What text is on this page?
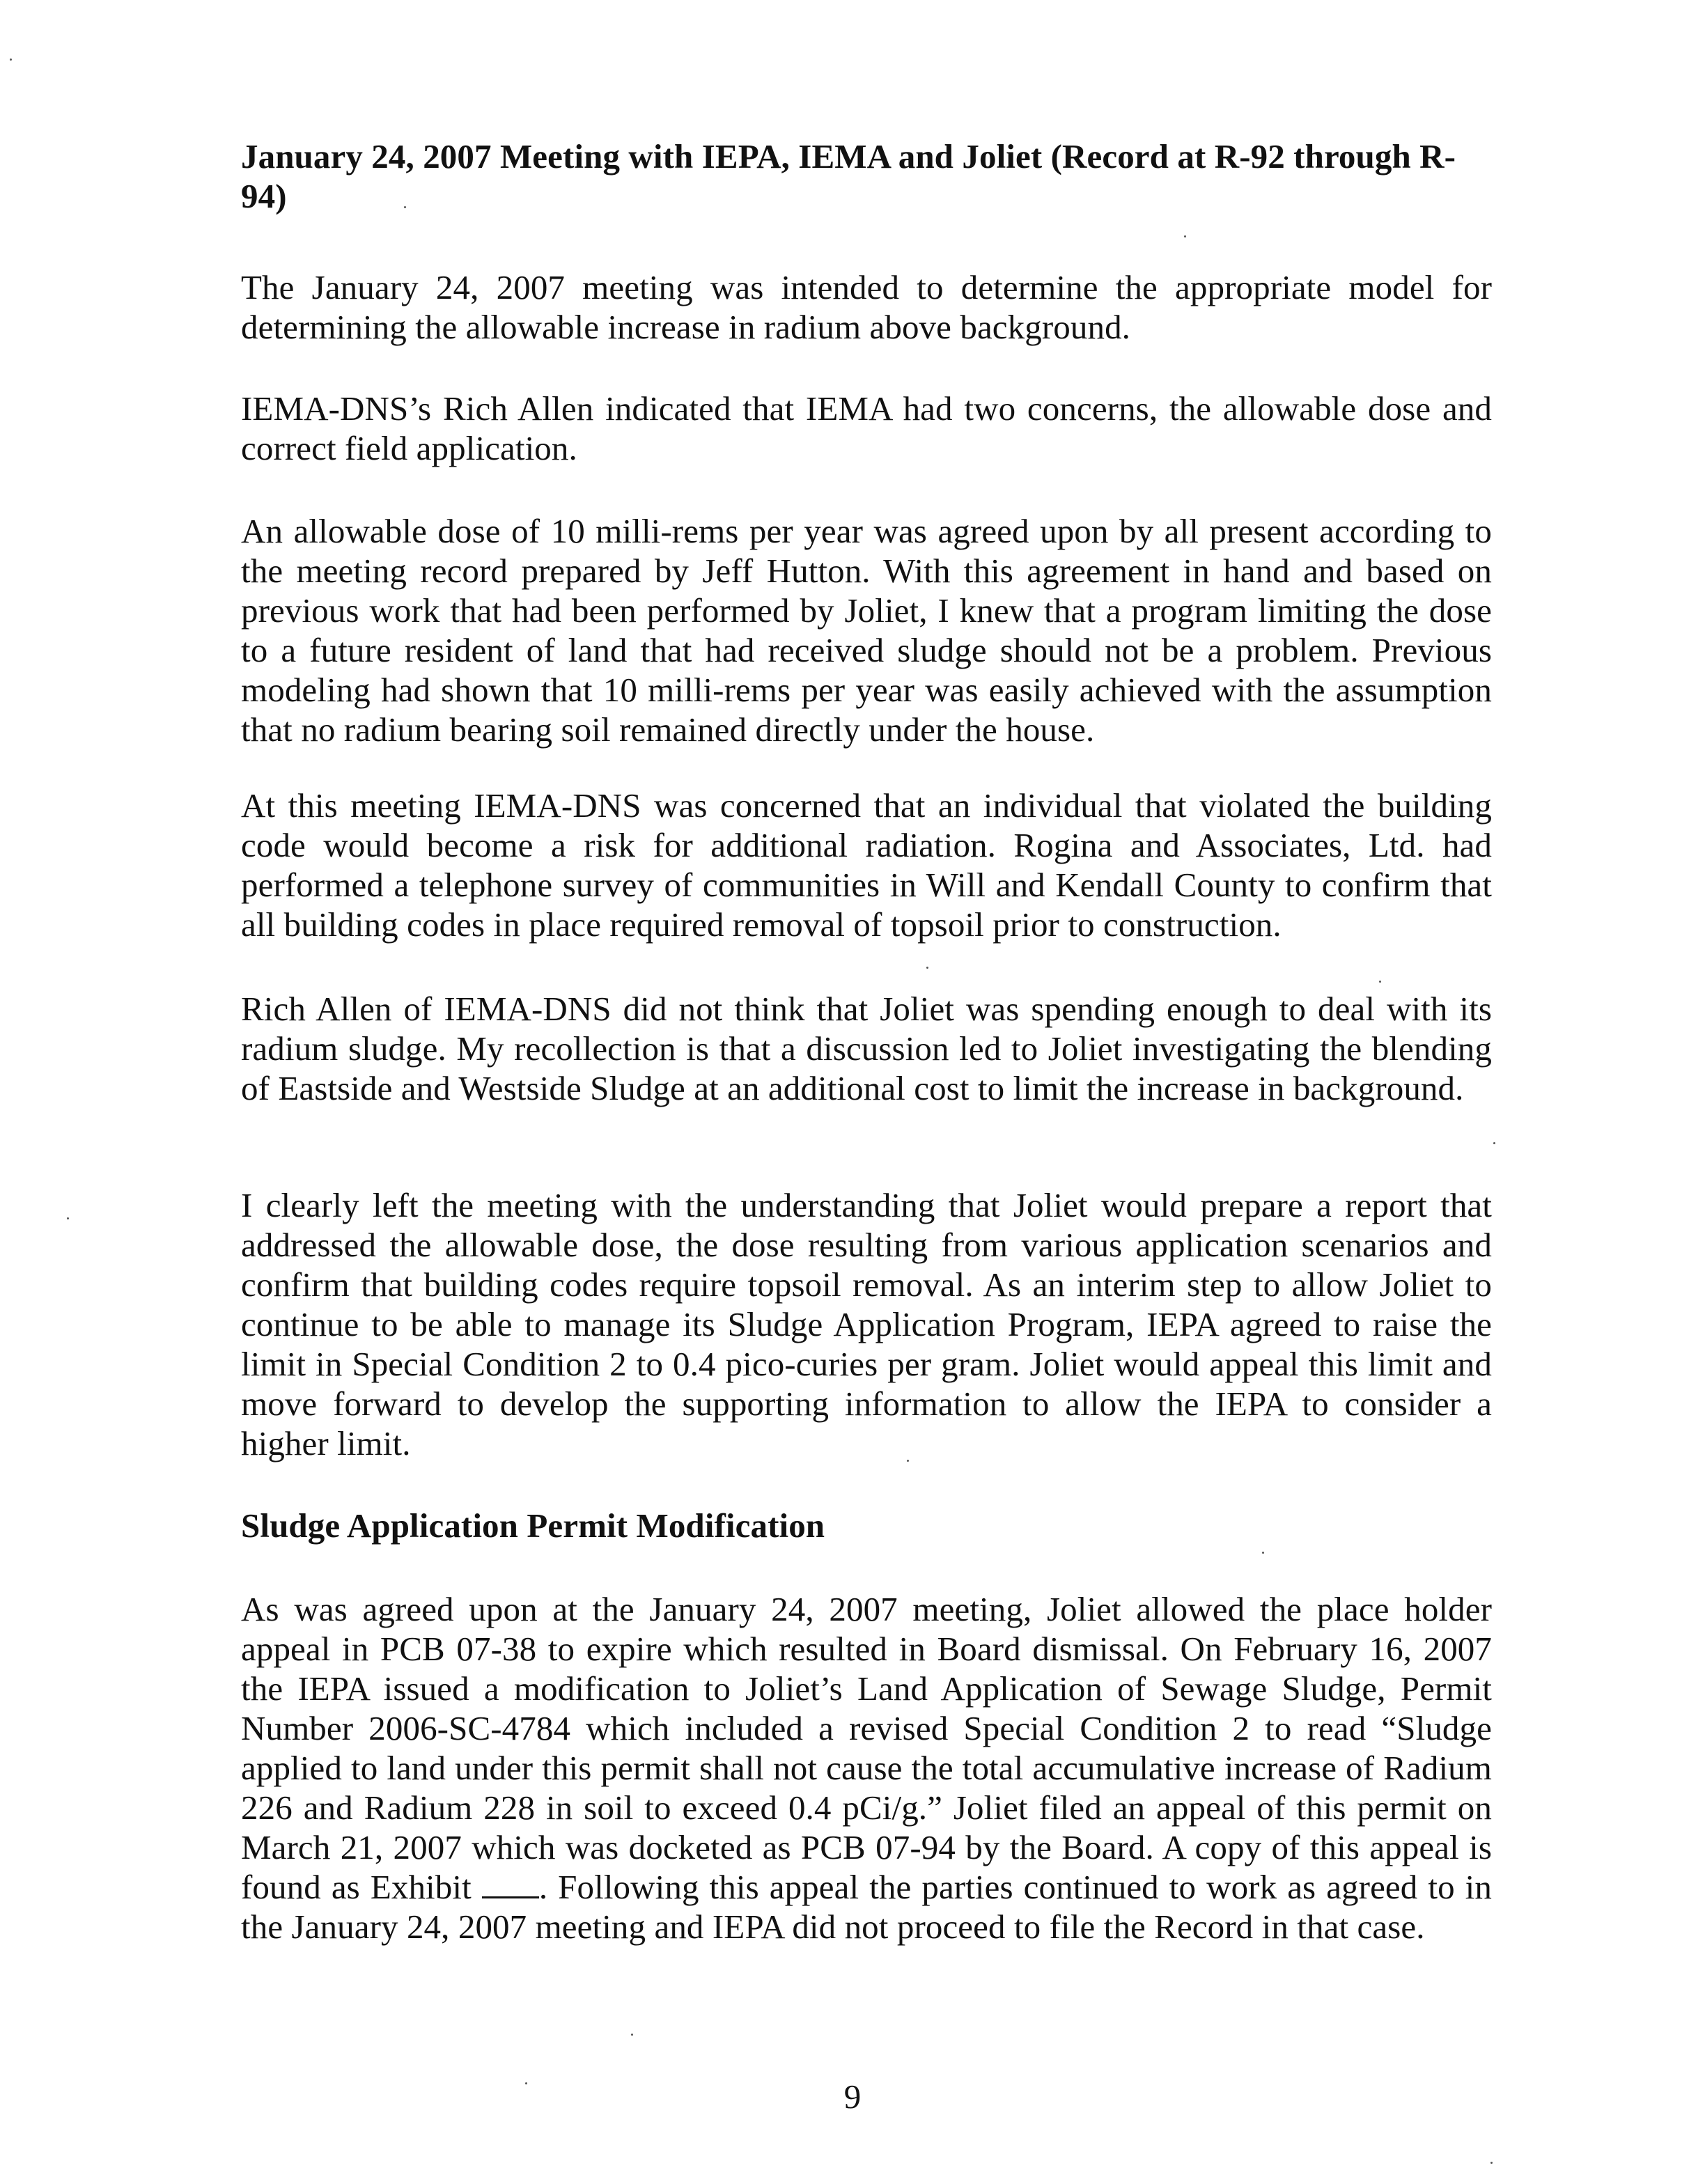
January 24, 2007 Meeting with IEPA, IEMA and Joliet (Record at R-92 through R-94)

The January 24, 2007 meeting was intended to determine the appropriate model for determining the allowable increase in radium above background.

IEMA-DNS’s Rich Allen indicated that IEMA had two concerns, the allowable dose and correct field application.

An allowable dose of 10 milli-rems per year was agreed upon by all present according to the meeting record prepared by Jeff Hutton. With this agreement in hand and based on previous work that had been performed by Joliet, I knew that a program limiting the dose to a future resident of land that had received sludge should not be a problem. Previous modeling had shown that 10 milli-rems per year was easily achieved with the assumption that no radium bearing soil remained directly under the house.

At this meeting IEMA-DNS was concerned that an individual that violated the building code would become a risk for additional radiation. Rogina and Associates, Ltd. had performed a telephone survey of communities in Will and Kendall County to confirm that all building codes in place required removal of topsoil prior to construction.

Rich Allen of IEMA-DNS did not think that Joliet was spending enough to deal with its radium sludge. My recollection is that a discussion led to Joliet investigating the blending of Eastside and Westside Sludge at an additional cost to limit the increase in background.

I clearly left the meeting with the understanding that Joliet would prepare a report that addressed the allowable dose, the dose resulting from various application scenarios and confirm that building codes require topsoil removal. As an interim step to allow Joliet to continue to be able to manage its Sludge Application Program, IEPA agreed to raise the limit in Special Condition 2 to 0.4 pico-curies per gram. Joliet would appeal this limit and move forward to develop the supporting information to allow the IEPA to consider a higher limit.

Sludge Application Permit Modification

As was agreed upon at the January 24, 2007 meeting, Joliet allowed the place holder appeal in PCB 07-38 to expire which resulted in Board dismissal. On February 16, 2007 the IEPA issued a modification to Joliet’s Land Application of Sewage Sludge, Permit Number 2006-SC-4784 which included a revised Special Condition 2 to read “Sludge applied to land under this permit shall not cause the total accumulative increase of Radium 226 and Radium 228 in soil to exceed 0.4 pCi/g.” Joliet filed an appeal of this permit on March 21, 2007 which was docketed as PCB 07-94 by the Board. A copy of this appeal is found as Exhibit . Following this appeal the parties continued to work as agreed to in the January 24, 2007 meeting and IEPA did not proceed to file the Record in that case.

9
